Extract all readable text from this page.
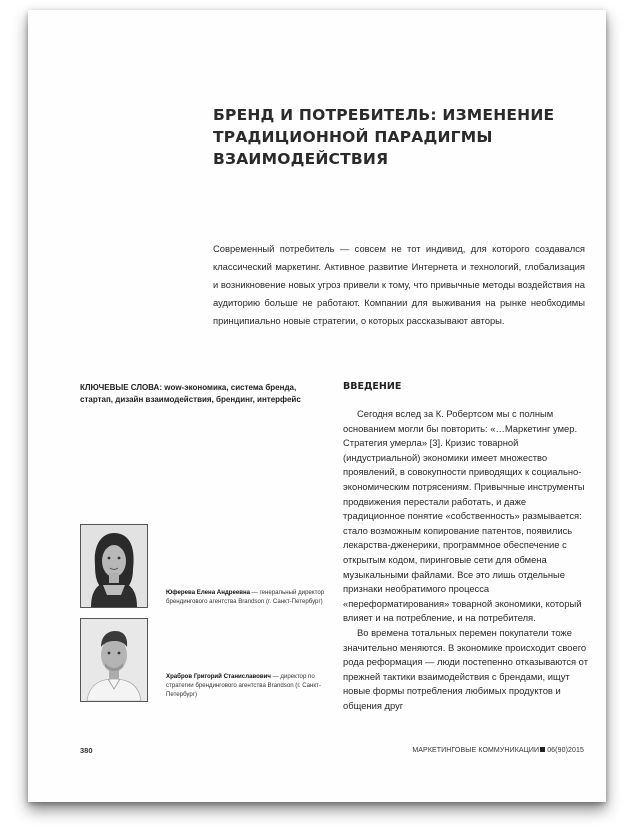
БРЕНД И ПОТРЕБИТЕЛЬ: ИЗМЕНЕНИЕ ТРАДИЦИОННОЙ ПАРАДИГМЫ ВЗАИМОДЕЙСТВИЯ

Современный потребитель — совсем не тот индивид, для которого создавался классический маркетинг. Активное развитие Интернета и технологий, глобализация и возникновение новых угроз привели к тому, что привычные методы воздействия на аудиторию больше не работают. Компании для выживания на рынке необходимы принципиально новые стратегии, о которых рассказывают авторы.

КЛЮЧЕВЫЕ СЛОВА: wow-экономика, система бренда, стартап, дизайн взаимодействия, брендинг, интерфейс

Юферева Елена Андреевна — генеральный директор брендингового агентства Brandson (г. Санкт-Петербург)

Храбров Григорий Станиславович — директор по стратегии брендингового агентства Brandson (г. Санкт-Петербург)

ВВЕДЕНИЕ

Сегодня вслед за К. Робертсом мы с полным основанием могли бы повторить: «…Маркетинг умер. Стратегия умерла» [3]. Кризис товарной (индустриальной) экономики имеет множество проявлений, в совокупности приводящих к социально-экономическим потрясениям. Привычные инструменты продвижения перестали работать, и даже традиционное понятие «собственность» размывается: стало возможным копирование патентов, появились лекарства-дженерики, программное обеспечение с открытым кодом, пиринговые сети для обмена музыкальными файлами. Все это лишь отдельные признаки необратимого процесса «переформатирования» товарной экономики, который влияет и на потребление, и на потребителя.

Во времена тотальных перемен покупатели тоже значительно меняются. В экономике происходит своего рода реформация — люди постепенно отказываются от прежней тактики взаимодействия с брендами, ищут новые формы потребления любимых продуктов и общения друг

380	МАРКЕТИНГОВЫЕ КОММУНИКАЦИИ 06(90)2015
